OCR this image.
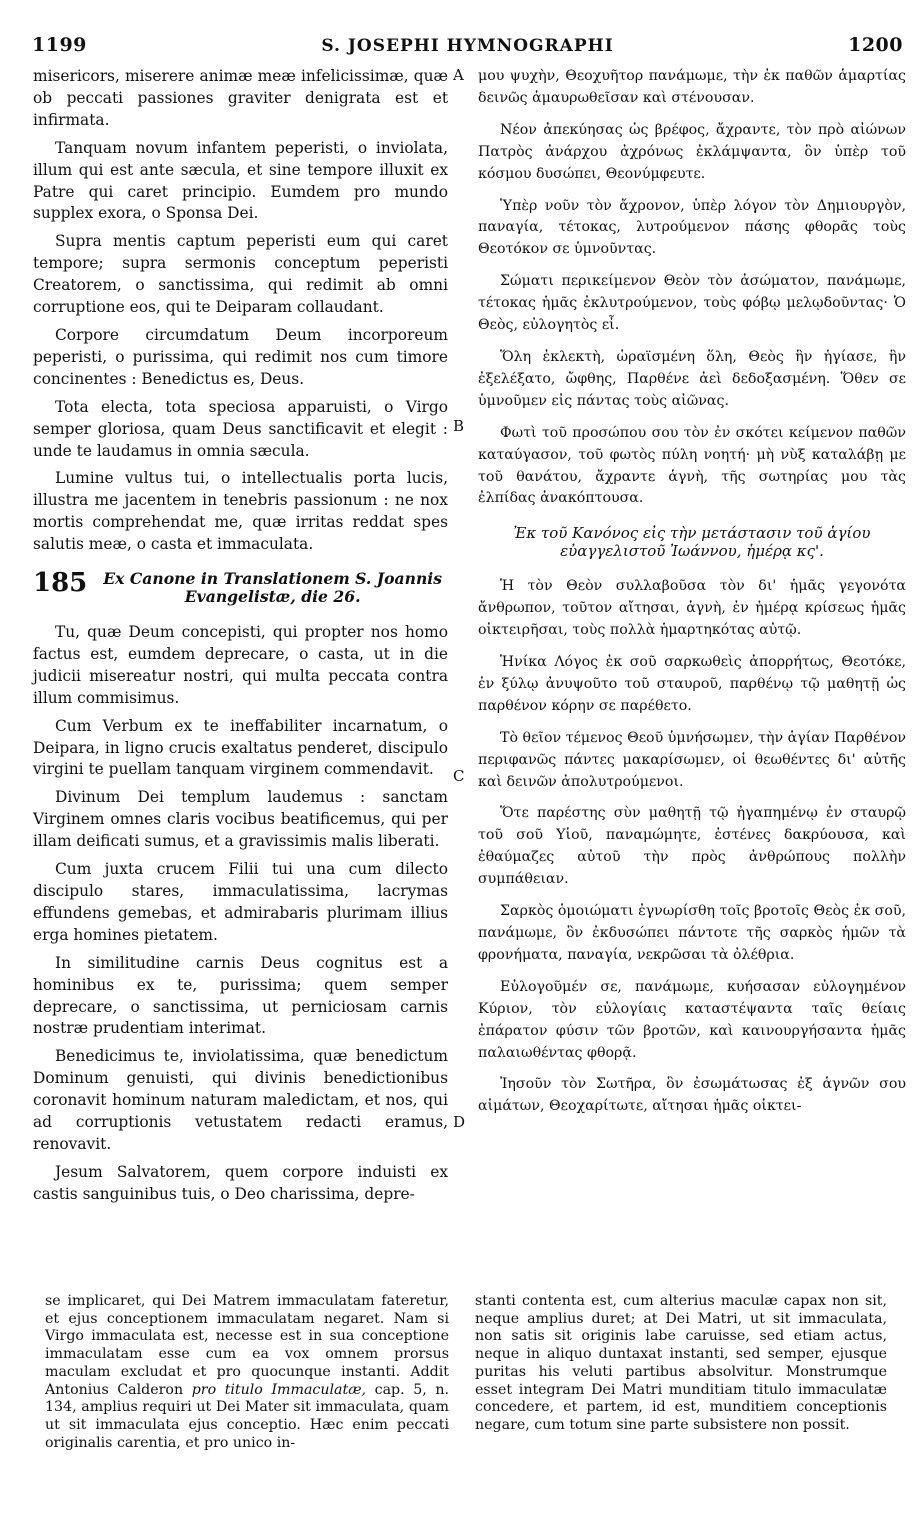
1199	S. JOSEPHI HYMNOGRAPHI	1200

misericors, miserere animæ meæ infelicissimæ, quæ ob peccati passiones graviter denigrata est et infirmata.

Tanquam novum infantem peperisti, o inviolata, illum qui est ante sæcula, et sine tempore illuxit ex Patre qui caret principio. Eumdem pro mundo supplex exora, o Sponsa Dei.

Supra mentis captum peperisti eum qui caret tempore; supra sermonis conceptum peperisti Creatorem, o sanctissima, qui redimit ab omni corruptione eos, qui te Deiparam collaudant.

Corpore circumdatum Deum incorporeum peperisti, o purissima, qui redimit nos cum timore concinentes : Benedictus es, Deus.

Tota electa, tota speciosa apparuisti, o Virgo semper gloriosa, quam Deus sanctificavit et elegit : unde te laudamus in omnia sæcula.

Lumine vultus tui, o intellectualis porta lucis, illustra me jacentem in tenebris passionum : ne nox mortis comprehendat me, quæ irritas reddat spes salutis meæ, o casta et immaculata.

185	Ex Canone in Translationem S. Joannis Evangelistæ, die 26.

Tu, quæ Deum concepisti, qui propter nos homo factus est, eumdem deprecare, o casta, ut in die judicii misereatur nostri, qui multa peccata contra illum commisimus.

Cum Verbum ex te ineffabiliter incarnatum, o Deipara, in ligno crucis exaltatus penderet, discipulo virgini te puellam tanquam virginem commendavit.

Divinum Dei templum laudemus : sanctam Virginem omnes claris vocibus beatificemus, qui per illam deificati sumus, et a gravissimis malis liberati.

Cum juxta crucem Filii tui una cum dilecto discipulo stares, immaculatissima, lacrymas effundens gemebas, et admirabaris plurimam illius erga homines pietatem.

In similitudine carnis Deus cognitus est a hominibus ex te, purissima; quem semper deprecare, o sanctissima, ut perniciosam carnis nostræ prudentiam interimat.

Benedicimus te, inviolatissima, quæ benedictum Dominum genuisti, qui divinis benedictionibus coronavit hominum naturam maledictam, et nos, qui ad corruptionis vetustatem redacti eramus, renovavit.

Jesum Salvatorem, quem corpore induisti ex castis sanguinibus tuis, o Deo charissima, depre-

A
B
C
D

μου ψυχὴν, Θεοχυῆτορ πανάμωμε, τὴν ἐκ παθῶν ἁμαρτίας δεινῶς ἀμαυρωθεῖσαν καὶ στένουσαν.

Νέον ἀπεκύησας ὡς βρέφος, ἄχραντε, τὸν πρὸ αἰώνων Πατρὸς ἀνάρχου ἀχρόνως ἐκλάμψαντα, ὃν ὑπὲρ τοῦ κόσμου δυσώπει, Θεονύμφευτε.

Ὑπὲρ νοῦν τὸν ἄχρονον, ὑπὲρ λόγον τὸν Δημιουργὸν, παναγία, τέτοκας, λυτρούμενον πάσης φθορᾶς τοὺς Θεοτόκον σε ὑμνοῦντας.

Σώματι περικείμενον Θεὸν τὸν ἀσώματον, πανάμωμε, τέτοκας ἡμᾶς ἐκλυτρούμενον, τοὺς φόβῳ μελῳδοῦντας· Ὁ Θεὸς, εὐλογητὸς εἶ.

Ὅλη ἐκλεκτὴ, ὡραϊσμένη ὅλη, Θεὸς ἣν ἡγίασε, ἣν ἐξελέξατο, ὤφθης, Παρθένε ἀεὶ δεδοξασμένη. Ὅθεν σε ὑμνοῦμεν εἰς πάντας τοὺς αἰῶνας.

Φωτὶ τοῦ προσώπου σου τὸν ἐν σκότει κείμενον παθῶν καταύγασον, τοῦ φωτὸς πύλη νοητή· μὴ νὺξ καταλάβῃ με τοῦ θανάτου, ἄχραντε ἁγνὴ, τῆς σωτηρίας μου τὰς ἐλπίδας ἀνακόπτουσα.

Ἐκ τοῦ Κανόνος εἰς τὴν μετάστασιν τοῦ ἁγίου εὐαγγελιστοῦ Ἰωάννου, ἡμέρᾳ κς'.

Ἡ τὸν Θεὸν συλλαβοῦσα τὸν δι' ἡμᾶς γεγονότα ἄνθρωπον, τοῦτον αἴτησαι, ἁγνὴ, ἐν ἡμέρᾳ κρίσεως ἡμᾶς οἰκτειρῆσαι, τοὺς πολλὰ ἡμαρτηκότας αὐτῷ.

Ἡνίκα Λόγος ἐκ σοῦ σαρκωθεὶς ἀπορρήτως, Θεοτόκε, ἐν ξύλῳ ἀνυψοῦτο τοῦ σταυροῦ, παρθένῳ τῷ μαθητῇ ὡς παρθένον κόρην σε παρέθετο.

Τὸ θεῖον τέμενος Θεοῦ ὑμνήσωμεν, τὴν ἁγίαν Παρθένον περιφανῶς πάντες μακαρίσωμεν, οἱ θεωθέντες δι' αὐτῆς καὶ δεινῶν ἀπολυτρούμενοι.

Ὅτε παρέστης σὺν μαθητῇ τῷ ἠγαπημένῳ ἐν σταυρῷ τοῦ σοῦ Υἱοῦ, παναμώμητε, ἐστένες δακρύουσα, καὶ ἐθαύμαζες αὐτοῦ τὴν πρὸς ἀνθρώπους πολλὴν συμπάθειαν.

Σαρκὸς ὁμοιώματι ἐγνωρίσθη τοῖς βροτοῖς Θεὸς ἐκ σοῦ, πανάμωμε, ὃν ἐκδυσώπει πάντοτε τῆς σαρκὸς ἡμῶν τὰ φρονήματα, παναγία, νεκρῶσαι τὰ ὀλέθρια.

Εὐλογοῦμέν σε, πανάμωμε, κυήσασαν εὐλογημένον Κύριον, τὸν εὐλογίαις καταστέψαντα ταῖς θείαις ἐπάρατον φύσιν τῶν βροτῶν, καὶ καινουργήσαντα ἡμᾶς παλαιωθέντας φθορᾷ.

Ἰησοῦν τὸν Σωτῆρα, ὃν ἐσωμάτωσας ἐξ ἁγνῶν σου αἱμάτων, Θεοχαρίτωτε, αἴτησαι ἡμᾶς οἰκτει-

se implicaret, qui Dei Matrem immaculatam fateretur, et ejus conceptionem immaculatam negaret. Nam si Virgo immaculata est, necesse est in sua conceptione immaculatam esse cum ea vox omnem prorsus maculam excludat et pro quocunque instanti. Addit Antonius Calderon pro titulo Immaculatæ, cap. 5, n. 134, amplius requiri ut Dei Mater sit immaculata, quam ut sit immaculata ejus conceptio. Hæc enim peccati originalis carentia, et pro unico in-

stanti contenta est, cum alterius maculæ capax non sit, neque amplius duret; at Dei Matri, ut sit immaculata, non satis sit originis labe caruisse, sed etiam actus, neque in aliquo duntaxat instanti, sed semper, ejusque puritas his veluti partibus absolvitur. Monstrumque esset integram Dei Matri munditiam titulo immaculatæ concedere, et partem, id est, munditiem conceptionis negare, cum totum sine parte subsistere non possit.
